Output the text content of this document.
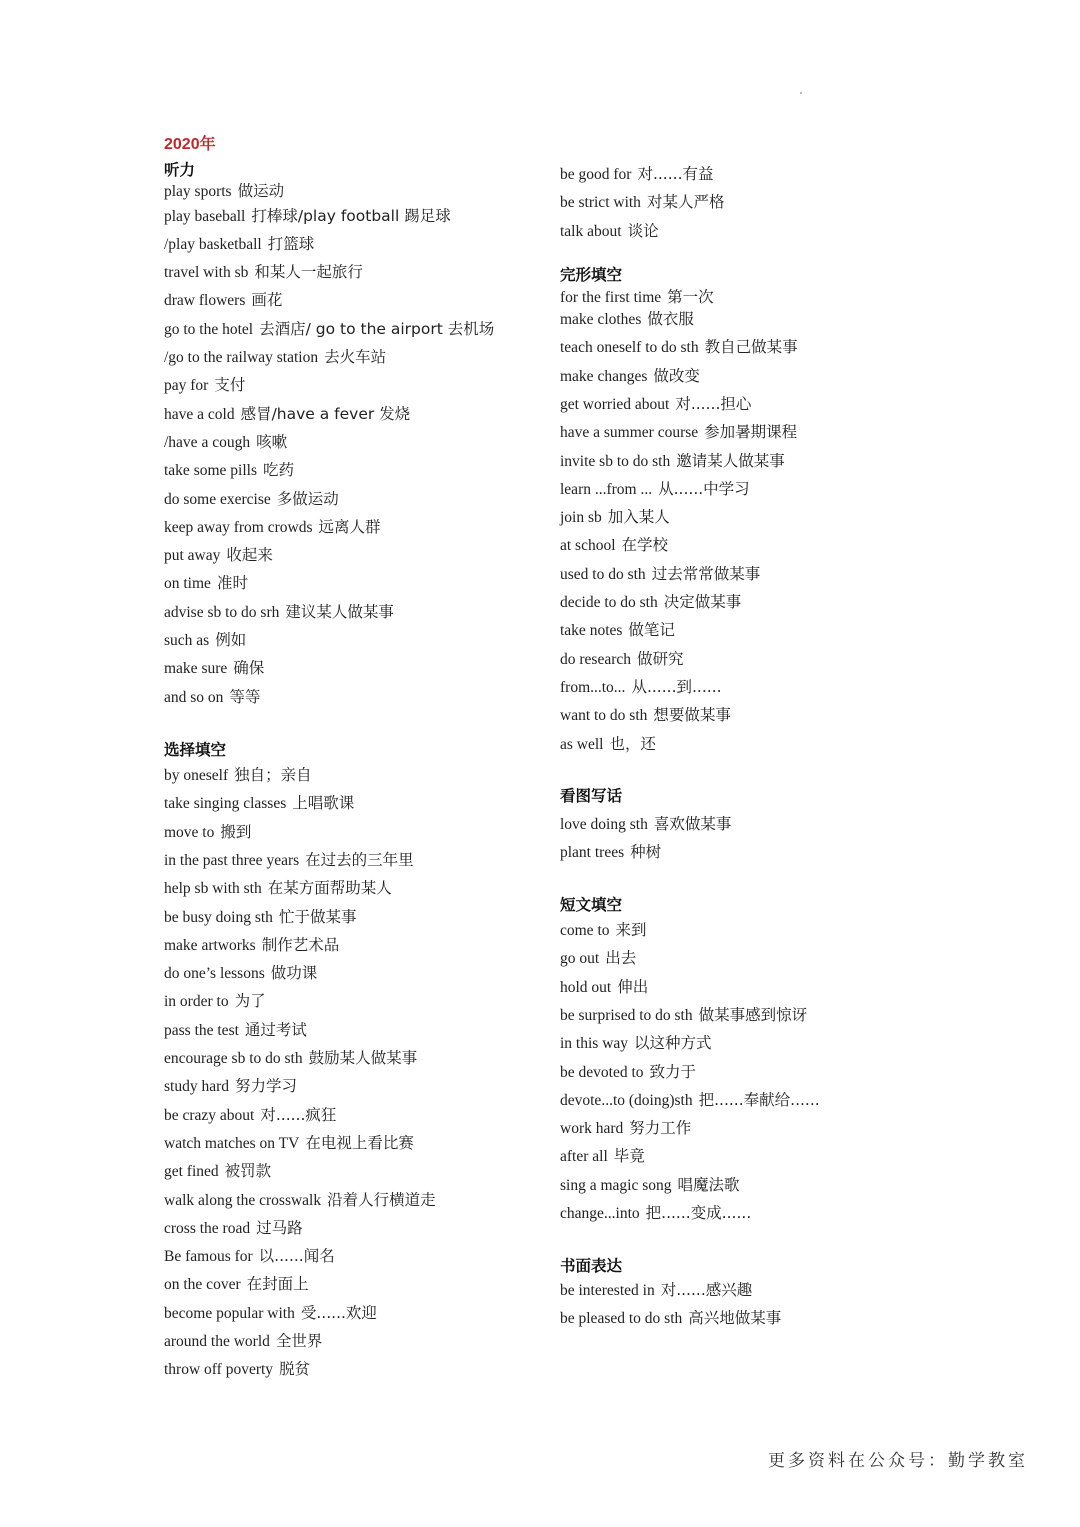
2020年
听力
play sports 做运动
play baseball 打棒球/play football 踢足球
/play basketball 打篮球
travel with sb 和某人一起旅行
draw flowers 画花
go to the hotel 去酒店/ go to the airport 去机场
/go to the railway station 去火车站
pay for 支付
have a cold 感冒/have a fever 发烧
/have a cough 咳嗽
take some pills 吃药
do some exercise 多做运动
keep away from crowds 远离人群
put away 收起来
on time 准时
advise sb to do srh 建议某人做某事
such as 例如
make sure 确保
and so on 等等
选择填空
by oneself 独自；亲自
take singing classes 上唱歌课
move to 搬到
in the past three years 在过去的三年里
help sb with sth 在某方面帮助某人
be busy doing sth 忙于做某事
make artworks 制作艺术品
do one’s lessons 做功课
in order to 为了
pass the test 通过考试
encourage sb to do sth 鼓励某人做某事
study hard 努力学习
be crazy about 对......疯狂
watch matches on TV 在电视上看比赛
get fined 被罚款
walk along the crosswalk 沿着人行横道走
cross the road 过马路
Be famous for 以......闻名
on the cover 在封面上
become popular with 受......欢迎
around the world 全世界
throw off poverty 脱贫
be good for 对......有益
be strict with 对某人严格
talk about 谈论
完形填空
for the first time 第一次
make clothes 做衣服
teach oneself to do sth 教自己做某事
make changes 做改变
get worried about 对......担心
have a summer course 参加暑期课程
invite sb to do sth 邀请某人做某事
learn ...from ... 从......中学习
join sb 加入某人
at school 在学校
used to do sth 过去常常做某事
decide to do sth 决定做某事
take notes 做笔记
do research 做研究
from...to... 从......到......
want to do sth 想要做某事
as well 也，还
看图写话
love doing sth 喜欢做某事
plant trees 种树
短文填空
come to 来到
go out 出去
hold out 伸出
be surprised to do sth 做某事感到惊讶
in this way 以这种方式
be devoted to 致力于
devote...to (doing)sth 把......奉献给......
work hard 努力工作
after all 毕竟
sing a magic song 唱魔法歌
change...into 把......变成......
书面表达
be interested in 对......感兴趣
be pleased to do sth 高兴地做某事
更多资料在公众号：勤学教室
